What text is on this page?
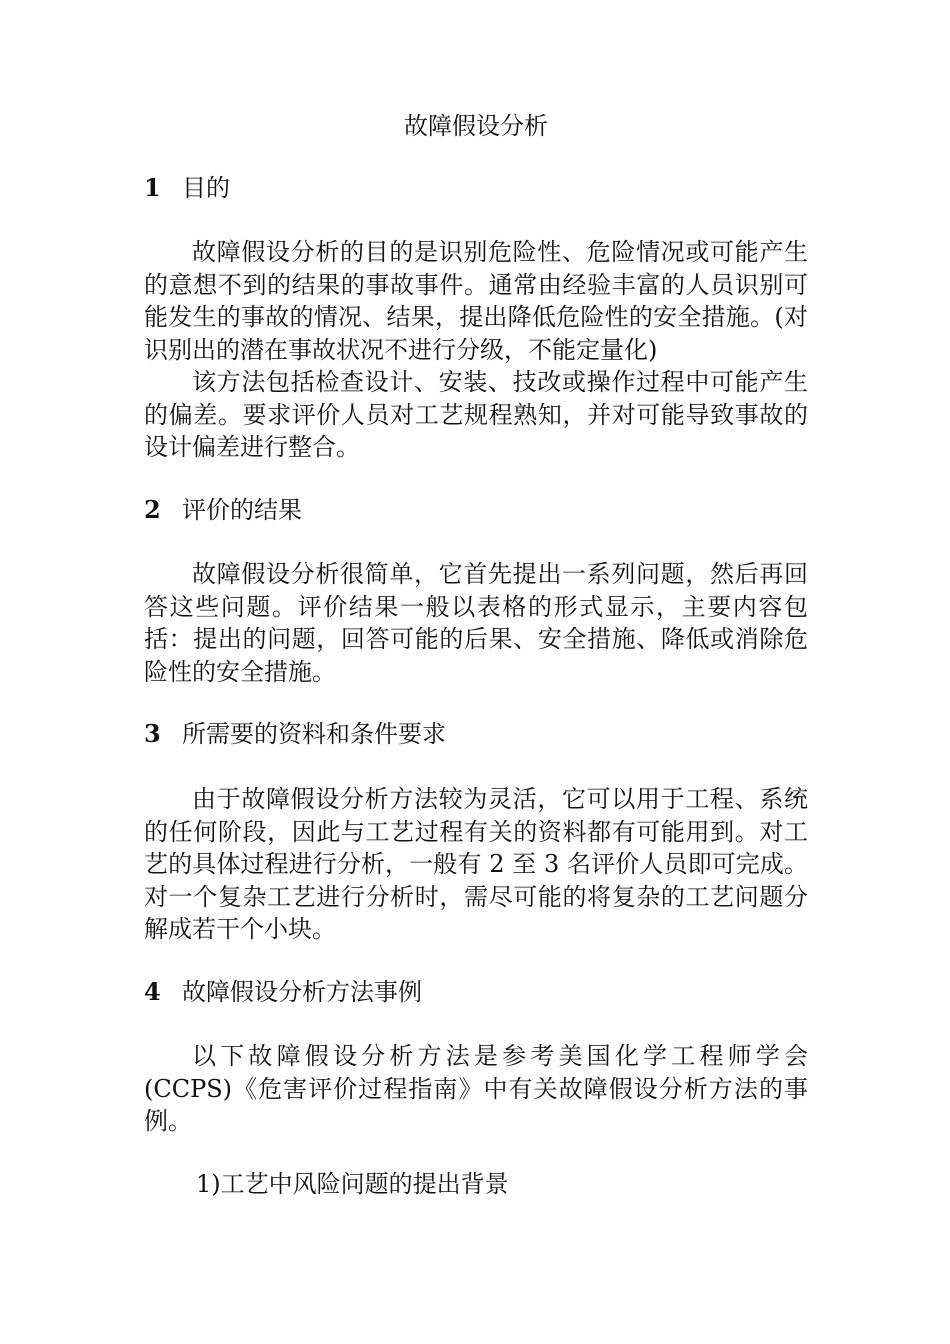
故障假设分析
1 目的

故障假设分析的目的是识别危险性、危险情况或可能产生的意想不到的结果的事故事件。通常由经验丰富的人员识别可能发生的事故的情况、结果，提出降低危险性的安全措施。(对识别出的潜在事故状况不进行分级，不能定量化)

该方法包括检查设计、安装、技改或操作过程中可能产生的偏差。要求评价人员对工艺规程熟知，并对可能导致事故的设计偏差进行整合。

2 评价的结果

故障假设分析很简单，它首先提出一系列问题，然后再回答这些问题。评价结果一般以表格的形式显示，主要内容包括：提出的问题，回答可能的后果、安全措施、降低或消除危险性的安全措施。

3 所需要的资料和条件要求

由于故障假设分析方法较为灵活，它可以用于工程、系统的任何阶段，因此与工艺过程有关的资料都有可能用到。对工艺的具体过程进行分析，一般有 2 至 3 名评价人员即可完成。对一个复杂工艺进行分析时，需尽可能的将复杂的工艺问题分解成若干个小块。

4 故障假设分析方法事例

以下故障假设分析方法是参考美国化学工程师学会(CCPS)《危害评价过程指南》中有关故障假设分析方法的事例。

1)工艺中风险问题的提出背景
